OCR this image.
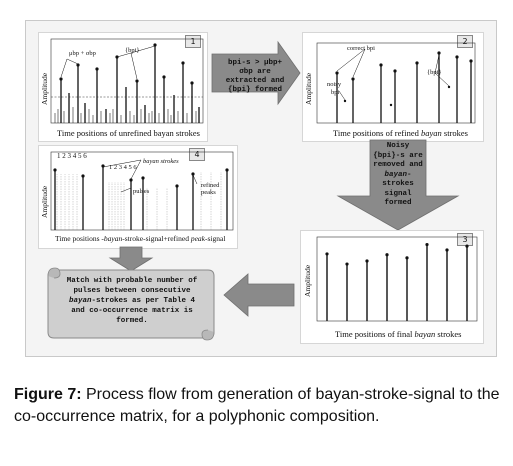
1
Amplitude
μbp + σbp	{bpi}
Time positions of unrefined bayan strokes
bpi-s > μbp+
σbp are
extracted and
{bpi} formed
2
Amplitude
correct bpi
noisy
bpi
{bpi}
Time positions of refined bayan strokes
4
Amplitude
1 2 3 4 5 6
1 2 3 4 5 6
bayan strokes
pulses
refined
peaks
Time positions -bayan-stroke-signal+refined peak-signal
Noisy
{bpi}-s are
removed and
bayan-
strokes
signal
formed
3
Amplitude
Time positions of final bayan strokes
Match with probable number of
pulses between consecutive
bayan-strokes as per Table 4
and co-occurrence matrix is
formed.
Figure 7: Process flow from generation of bayan-stroke-signal to the co-occurrence matrix, for a polyphonic composition.
